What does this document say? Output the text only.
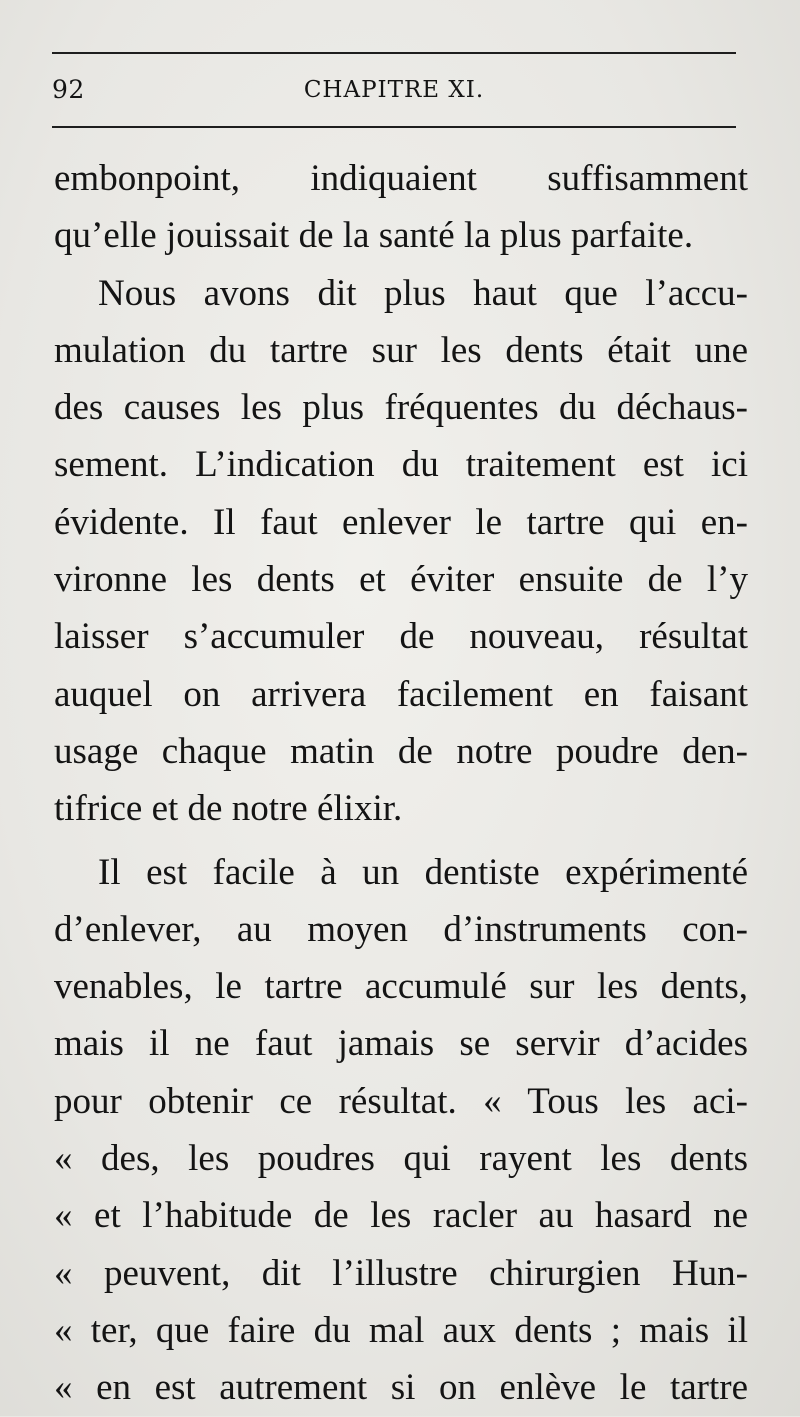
92	CHAPITRE XI.
embonpoint, indiquaient suffisamment
qu’elle jouissait de la santé la plus parfaite.
Nous avons dit plus haut que l’accu-
mulation du tartre sur les dents était une
des causes les plus fréquentes du déchaus-
sement. L’indication du traitement est ici
évidente. Il faut enlever le tartre qui en-
vironne les dents et éviter ensuite de l’y
laisser s’accumuler de nouveau, résultat
auquel on arrivera facilement en faisant
usage chaque matin de notre poudre den-
tifrice et de notre élixir.
Il est facile à un dentiste expérimenté
d’enlever, au moyen d’instruments con-
venables, le tartre accumulé sur les dents,
mais il ne faut jamais se servir d’acides
pour obtenir ce résultat. « Tous les aci-
« des, les poudres qui rayent les dents
« et l’habitude de les racler au hasard ne
« peuvent, dit l’illustre chirurgien Hun-
« ter, que faire du mal aux dents ; mais il
« en est autrement si on enlève le tartre
